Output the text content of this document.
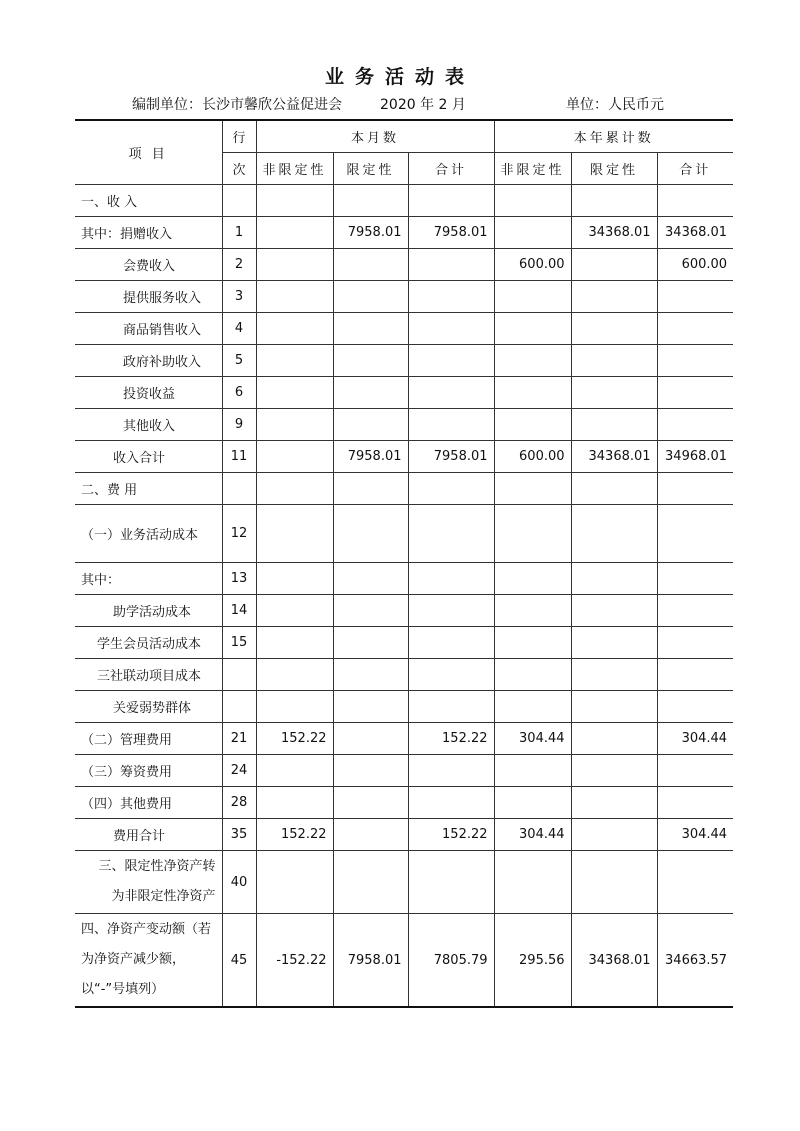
业务活动表
编制单位：长沙市馨欣公益促进会	2020 年 2 月	单位：人民币元
项 目	行	本月数			本年累计数		
	次	非限定性	限定性	合计	非限定性	限定性	合计
一、收 入							
其中：捐赠收入	1		7958.01	7958.01		34368.01	34368.01
会费收入	2				600.00		600.00
提供服务收入	3						
商品销售收入	4						
政府补助收入	5						
投资收益	6						
其他收入	9						
收入合计	11		7958.01	7958.01	600.00	34368.01	34968.01
二、费 用							
（一）业务活动成本	12						
其中：	13						
助学活动成本	14						
学生会员活动成本	15						
三社联动项目成本							
关爱弱势群体							
（二）管理费用	21	152.22		152.22	304.44		304.44
（三）筹资费用	24						
（四）其他费用	28						
费用合计	35	152.22		152.22	304.44		304.44

三、限定性净资产转
为非限定性净资产	40						

四、净资产变动额（若
为净资产减少额，
以“-”号填列）	45	-152.22	7958.01	7805.79	295.56	34368.01	34663.57
